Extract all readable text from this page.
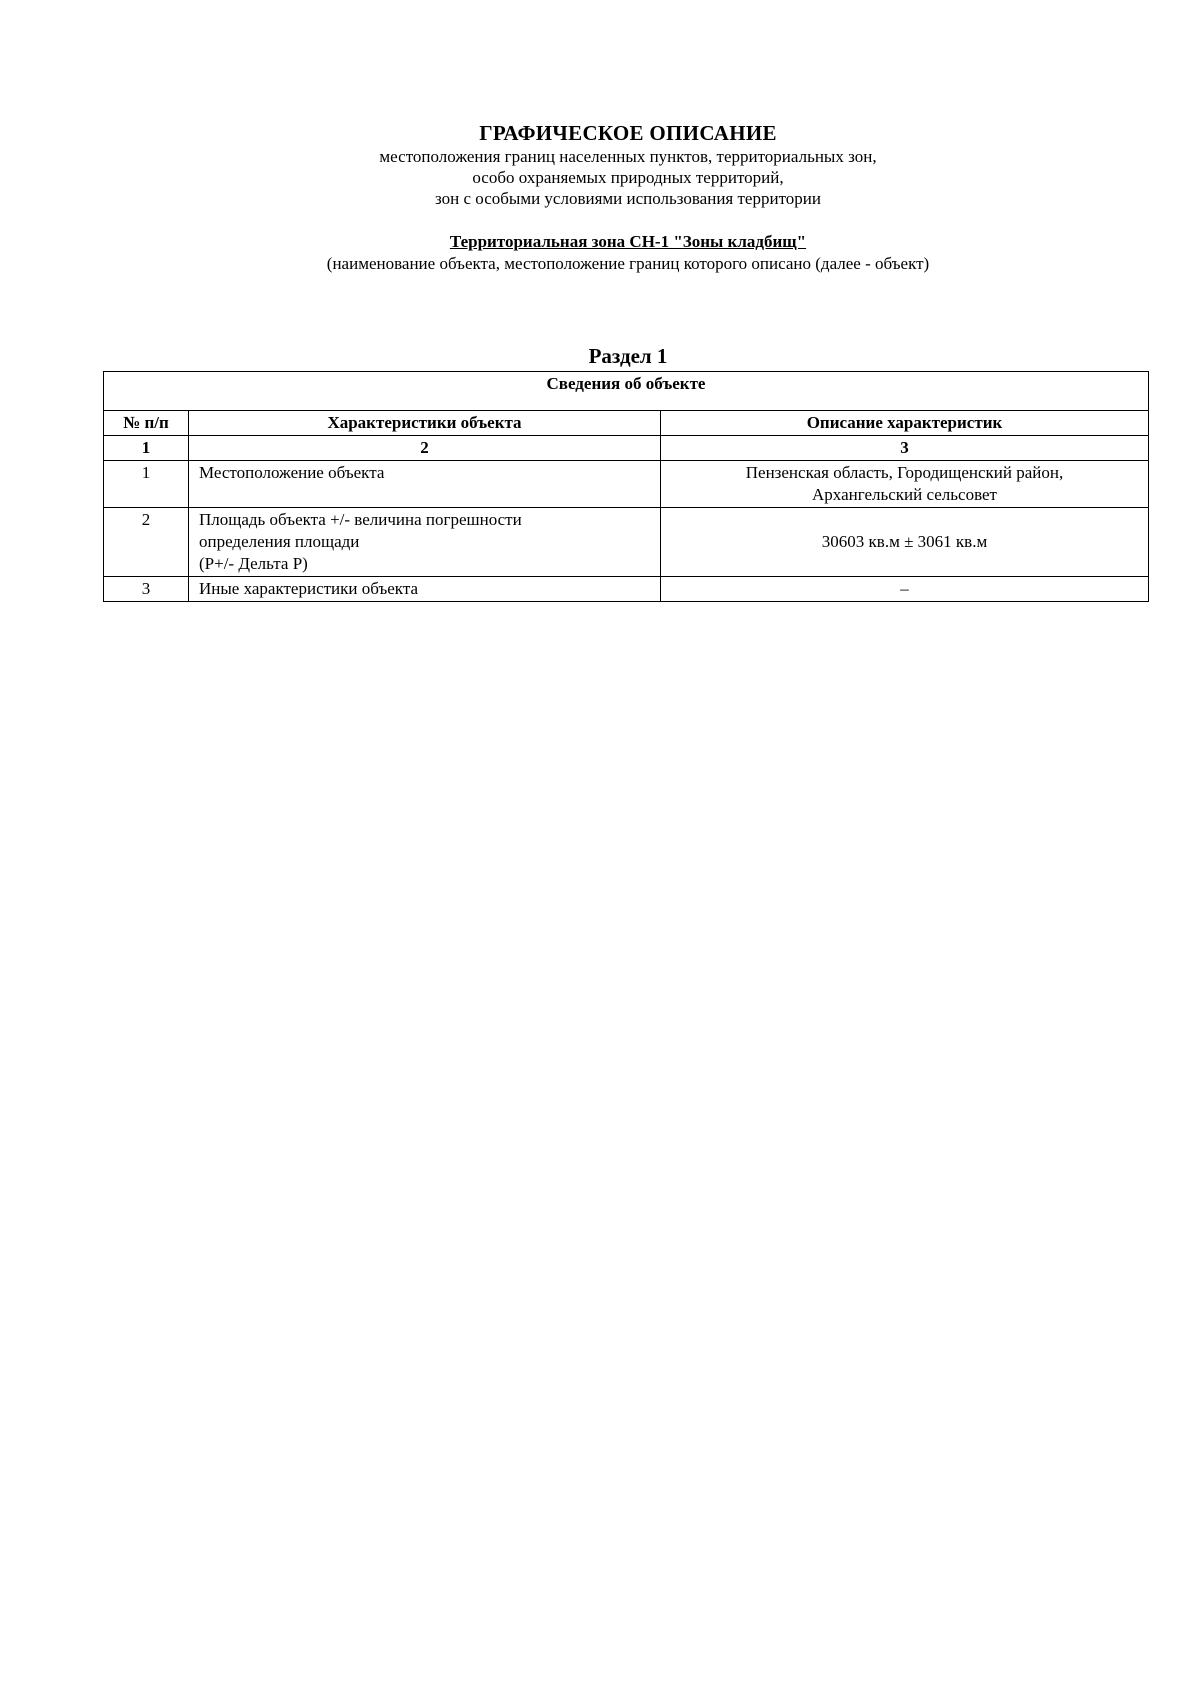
ГРАФИЧЕСКОЕ ОПИСАНИЕ
местоположения границ населенных пунктов, территориальных зон,
особо охраняемых природных территорий,
зон с особыми условиями использования территории
Территориальная зона СН-1 "Зоны кладбищ"
(наименование объекта, местоположение границ которого описано (далее - объект)
Раздел 1
Сведения об объекте		
№ п/п	Характеристики объекта	Описание характеристик
1	2	3
1	Местоположение объекта	Пензенская область, Городищенский район,
Архангельский сельсовет

2	Площадь объекта +/- величина погрешности
определения площади
(Р+/- Дельта Р)	30603 кв.м ± 3061 кв.м

3	Иные характеристики объекта	–
